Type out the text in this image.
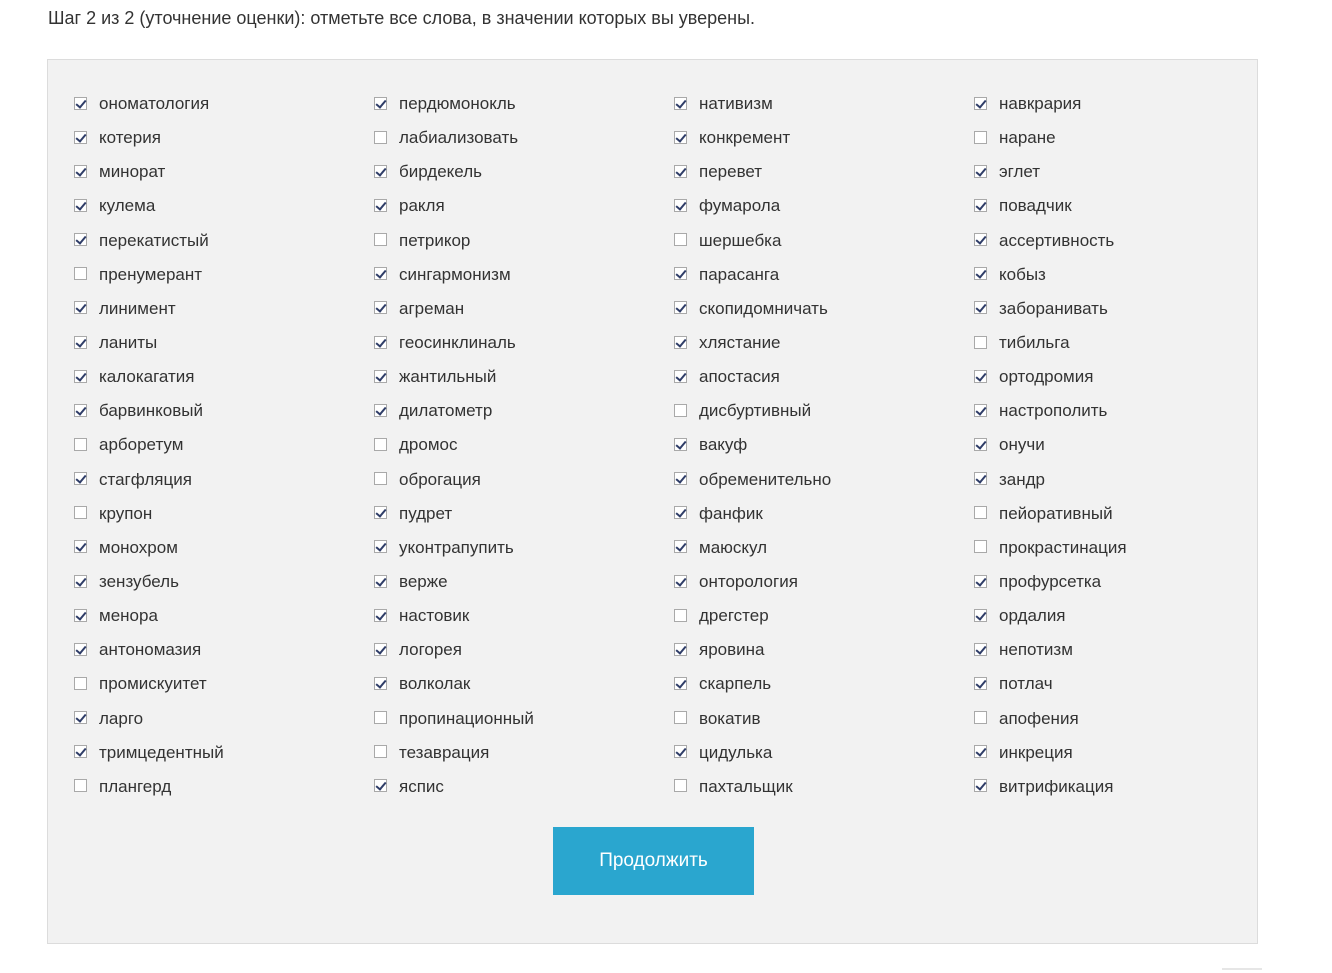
Шаг 2 из 2 (уточнение оценки): отметьте все слова, в значении которых вы уверены.
ономатология	пердюмонокль	нативизм	навкрария
котерия	лабиализовать	конкремент	наране
минорат	бирдекель	перевет	эглет
кулема	ракля	фумарола	повадчик
перекатистый	петрикор	шершебка	ассертивность
пренумерант	сингармонизм	парасанга	кобыз
линимент	агреман	скопидомничать	заборанивать
ланиты	геосинклиналь	хлястание	тибильга
калокагатия	жантильный	апостасия	ортодромия
барвинковый	дилатометр	дисбуртивный	настрополить
арборетум	дромос	вакуф	онучи
стагфляция	оброгация	обременительно	зандр
крупон	пудрет	фанфик	пейоративный
монохром	уконтрапупить	маюскул	прокрастинация
зензубель	верже	онторология	профурсетка
менора	настовик	дрегстер	ордалия
антономазия	логорея	яровина	непотизм
промискуитет	волколак	скарпель	потлач
ларго	пропинационный	вокатив	апофения
тримцедентный	тезаврация	цидулька	инкреция
плангерд	яспис	пахтальщик	витрификация
Продолжить
